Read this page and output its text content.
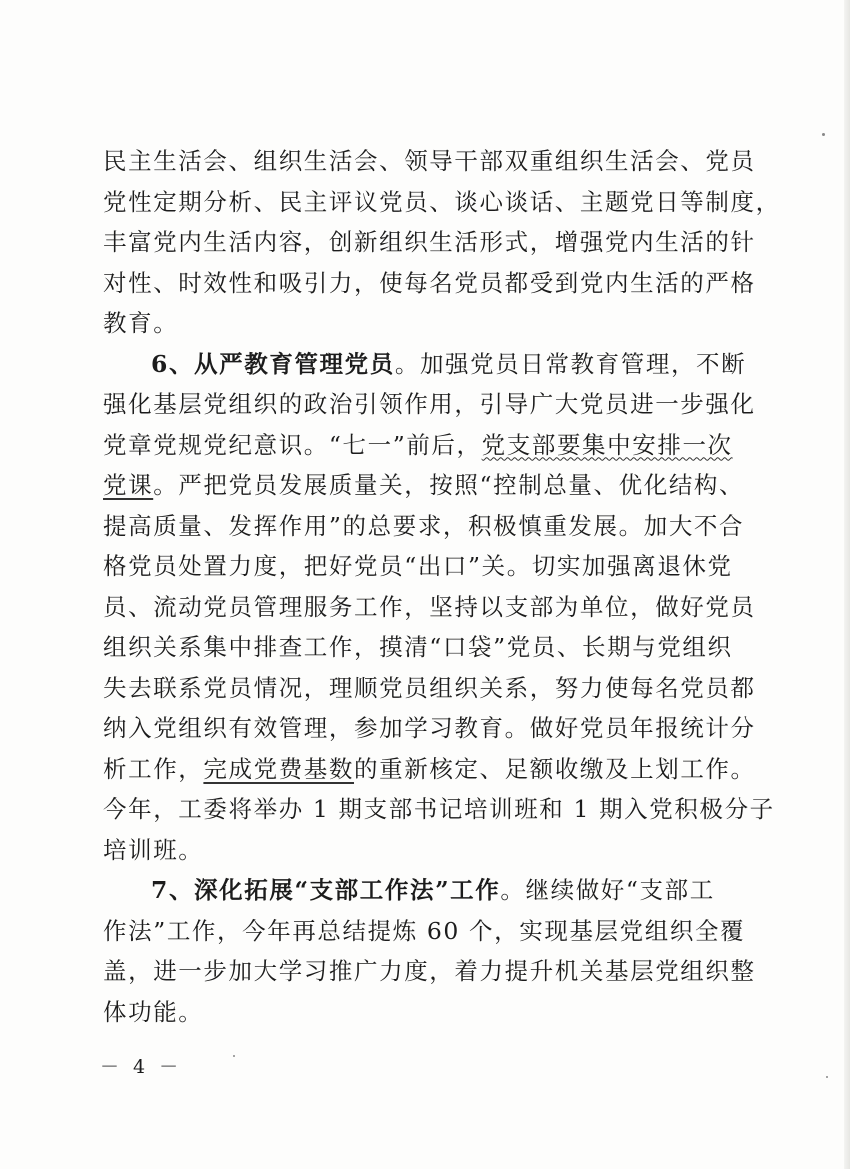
民主生活会、组织生活会、领导干部双重组织生活会、党员
党性定期分析、民主评议党员、谈心谈话、主题党日等制度，
丰富党内生活内容，创新组织生活形式，增强党内生活的针
对性、时效性和吸引力，使每名党员都受到党内生活的严格
教育。
6、从严教育管理党员。加强党员日常教育管理，不断
强化基层党组织的政治引领作用，引导广大党员进一步强化
党章党规党纪意识。“七一”前后，党支部要集中安排一次
党课。严把党员发展质量关，按照“控制总量、优化结构、
提高质量、发挥作用”的总要求，积极慎重发展。加大不合
格党员处置力度，把好党员“出口”关。切实加强离退休党
员、流动党员管理服务工作，坚持以支部为单位，做好党员
组织关系集中排查工作，摸清“口袋”党员、长期与党组织
失去联系党员情况，理顺党员组织关系，努力使每名党员都
纳入党组织有效管理，参加学习教育。做好党员年报统计分
析工作，完成党费基数的重新核定、足额收缴及上划工作。
今年，工委将举办 1 期支部书记培训班和 1 期入党积极分子
培训班。
7、深化拓展“支部工作法”工作。继续做好“支部工
作法”工作，今年再总结提炼 60 个，实现基层党组织全覆
盖，进一步加大学习推广力度，着力提升机关基层党组织整
体功能。
－ 4 －
